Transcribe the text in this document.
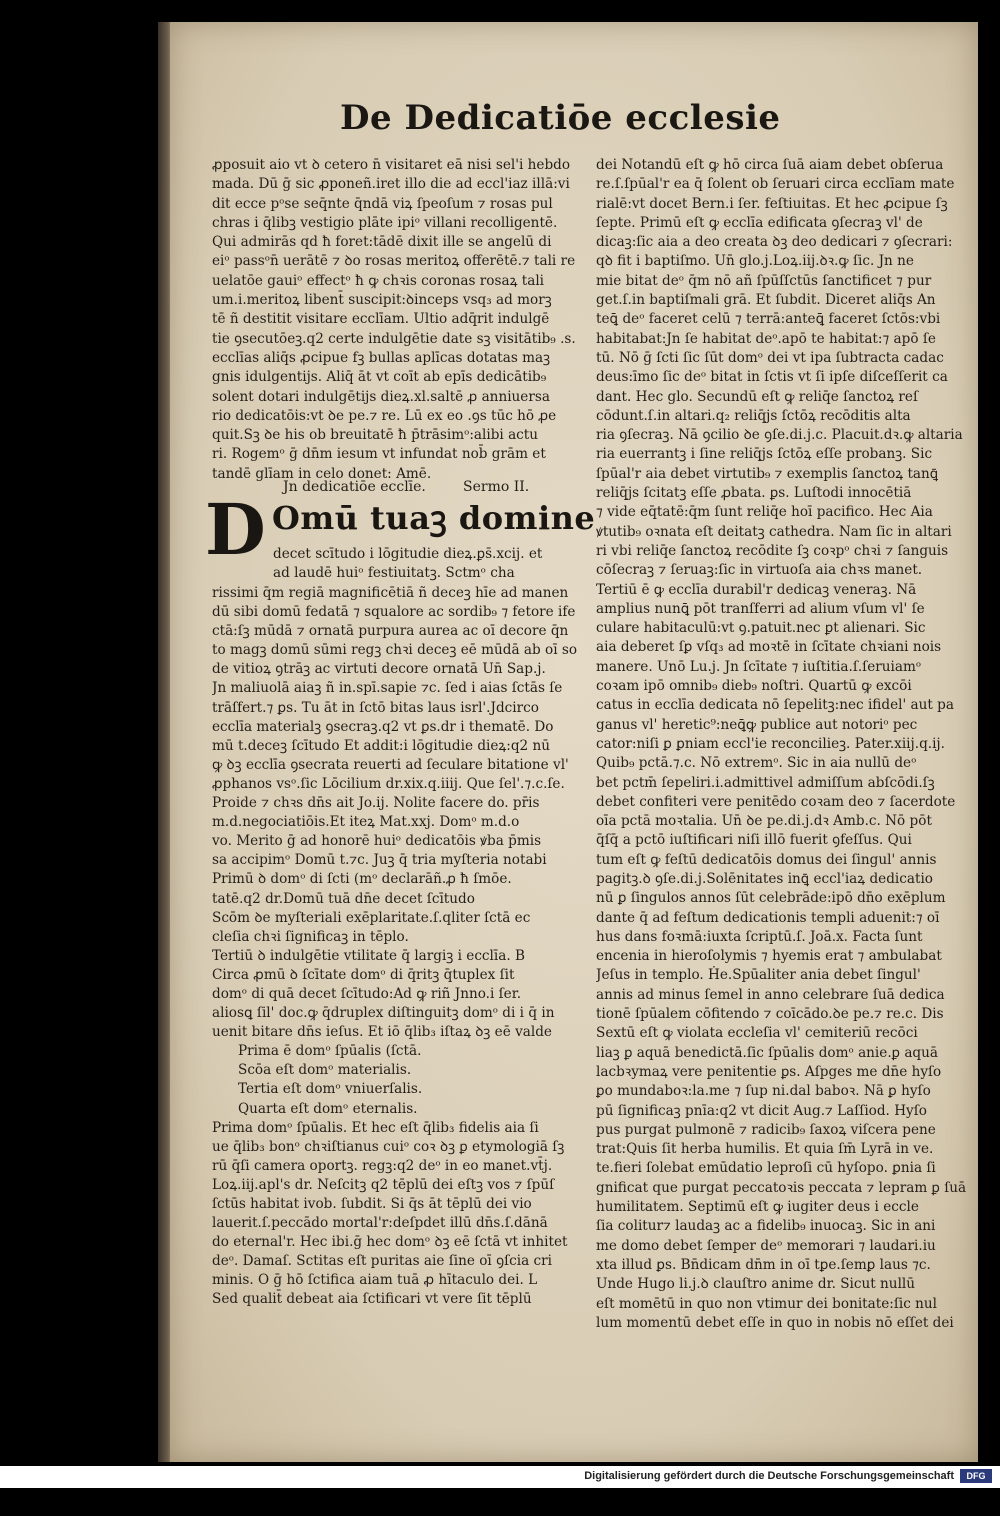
De Dedicatiōe ecclesie
ꝓposuit aio vt ꝺ cetero n̄ visitaret eā nisi sel'i hebdo
mada. Dū ḡ sic ꝓponeñ.iret illo die ad eccl'iaz illā:vi
dit ecce pᵒse seq̄nte q̄ndā viꝝ ſpeoſum ⁊ rosas pul
chras i q̄libꝫ vestigio plāte ipiᵒ villani recolligentē.
Qui admirās qd ħ foret:tādē dixit ille se angelū di
eiᵒ passᵒn̄ uerātē ⁊ ꝺo rosas meritoꝝ offerētē.⁊ tali re
uelatōe gauiᵒ effectᵒ ħ ꝙ chꝛis coronas rosaꝝ tali
um.i.meritoꝝ libent̄ suscipit:ꝺinceps vsq₃ ad morꝫ
tē ñ destitit visitare ecclīam. Ultio adq̄rit indulgē
tie ꝯsecutōeꝫ.q2 certe indulgētie date sꝫ visitātib₉ .s.
ecclīas aliq̄s ꝓcipue fꝫ bullas aplīcas dotatas maꝫ
gnis idulgentijs. Aliq̄ āt vt coīt ab epīs dedicātib₉
solent dotari indulgētijs dieꝝ.xl.saltē ꝓ anniuersa
rio dedicatōis:vt ꝺe pe.⁊ re. Lū ex eo .ꝯs tūc hō ꝓe
quit.Sꝫ ꝺe his ob breuitatē ħ p̄trāsimᵒ:alibi actu
ri. Rogemᵒ ḡ dn̄m iesum vt infundat nob̄ grām et
tandē glīam in celo donet: Amē.
Jn dedicatiōe ecclīe.	Sermo II.
D Omū tuaꝫ domine
decet scītudo i lōgitudie dieꝝ.ꝑs̄.xcij. et
ad laudē huiᵒ festiuitatꝫ. Sctmᵒ cha
dei Notandū eſt ꝙ hō circa ſuā aiam debet obſerua
re.ſ.ſpūal'r ea q̄ ſolent ob ſeruari circa ecclīam mate
rialē:vt docet Bern.i ſer. feſtiuitas. Et hec ꝓcipue ſꝫ
ſepte. Primū eſt ꝙ ecclīa edificata ꝯſecraꝫ vl' de
dicaꝫ:ſic aia a deo creata ꝺꝫ deo dedicari ⁊ ꝯſecrari:
qꝺ fit i baptiſmo. Un̄ glo.j.Loꝝ.iij.ꝺꝛ.ꝙ ſic. Jn ne
mie bitat deᵒ q̄m nō añ ſpūſſctūs ſanctificet ⁊ pur
get.ſ.in baptiſmali grā. Et ſubdit. Diceret aliq̄s An
teꝗ̄ deᵒ faceret celū ⁊ terrā:anteꝗ̄ faceret ſctōs:vbi
habitabat:Jn ſe habitat deᵒ.apō te habitat:⁊ apō ſe
tū. Nō ḡ ſcti ſic ſūt domᵒ dei vt ipa ſubtracta cadac
deus:īmo ſic deᵒ bitat in ſctis vt ſi ipſe diſceſſerit ca
dant. Hec glo. Secundū eſt ꝙ reliq̄e ſanctoꝝ reſ
cōdunt.ſ.in altari.q₂ reliq̄js ſctōꝝ recōditis alta
ria ꝯſecraꝫ. Nā ꝯcilio ꝺe ꝯſe.di.j.c. Placuit.dꝛ.ꝙ altaria
ria euerrantꝫ i ſine reliq̄js ſctōꝝ eſſe probanꝫ. Sic
ſpūal'r aia debet virtutib₉ ⁊ exemplis ſanctoꝝ tanꝗ̄
reliq̄js ſcitatꝫ eſſe ꝓbata. ꝑs. Luſtodi innocētiā
⁊ vide eq̄tatē:q̄m ſunt reliq̄e hoī pacifico. Hec Aia
ꝟtutib₉ oꝛnata eſt deitatꝫ cathedra. Nam ſic in altari
ri vbi reliq̄e ſanctoꝝ recōdite ſꝫ coꝛpᵒ chꝛi ⁊ ſanguis
cōſecraꝫ ⁊ ſeruaꝫ:ſic in virtuoſa aia chꝛs manet.
Tertiū ē ꝙ ecclīa durabil'r dedicaꝫ veneraꝫ. Nā
amplius nunꝗ̄ pōt tranſferri ad alium vſum vl' ſe
culare habitaculū:vt ꝯ.patuit.nec ꝑt alienari. Sic
aia deberet ſꝑ vſq₃ ad moꝛtē in ſcītate chꝛiani nois
manere. Unō Lu.j. Jn ſcītate ⁊ iuſtitia.ſ.ſeruiamᵒ
coꝛam ipō omnib₉ dieb₉ noſtri. Quartū ꝙ excōi
catus in ecclīa dedicata nō ſepelitꝫ:nec ifidel' aut pa
ganus vl' heretic⁹:neꝗ̄ꝙ publice aut notoriᵒ pec
cator:niſi ꝑ ꝑniam eccl'ie reconcilieꝫ. Pater.xiij.q.ij.
Quib₉ pctā.⁊.c. Nō extremᵒ. Sic in aia nullū deᵒ
bet pctm̄ ſepeliri.i.admittivel admiſſum abſcōdi.ſꝫ
debet confiteri vere penitēdo coꝛam deo ⁊ ſacerdote
oīa pctā moꝛtalia. Un̄ ꝺe pe.di.j.dꝛ Amb.c. Nō pōt
q̄ſq̄ a pctō iuſtificari niſi illō fuerit ꝯfeſſus. Qui
tum eſt ꝙ feſtū dedicatōis domus dei ſingul' annis
pagitꝫ.ꝺ ꝯſe.di.j.Solēnitates inꝗ̄ eccl'iaꝝ dedicatio
nū ꝑ ſingulos annos ſūt celebrāde:ipō dn̄o exēplum
dante q̄ ad feſtum dedicationis templi aduenit:⁊ oī
hus dans foꝛmā:iuxta ſcriptū.ſ. Joā.x. Facta ſunt
encenia in hieroſolymis ⁊ hyemis erat ⁊ ambulabat
Jeſus in templo. Ḣe.Spūaliter ania debet ſingul'
annis ad minus ſemel in anno celebrare ſuā dedica
tionē ſpūalem cōfitendo ⁊ coīcādo.ꝺe pe.⁊ re.c. Dis
Sextū eſt ꝙ violata eccleſia vl' cemiteriū recōci
liaꝫ ꝑ aquā benedictā.ſic ſpūalis domᵒ anie.ꝑ aquā
lacbꝛymaꝝ vere penitentie ꝑs. Aſpges me dn̄e hyſo
ꝑo mundaboꝛ:la.me ⁊ ſup ni.dal baboꝛ. Nā ꝑ hyſo
pū ſignificaꝫ pnīa:q2 vt dicit Aug.⁊ Laſſiod. Hyſo
pus purgat pulmonē ⁊ radicib₉ ſaxoꝝ viſcera pene
trat:Quis ſit herba humilis. Et quia ſm̄ Lyrā in ve.
te.fieri ſolebat emūdatio leproſi cū hyſopo. ꝑnia ſi
gnificat que purgat peccatoꝛis peccata ⁊ lepram ꝑ ſuā
humilitatem. Septimū eſt ꝙ iugiter deus i eccle
ſia colitur⁊ laudaꝫ ac a fidelib₉ inuocaꝫ. Sic in ani
me domo debet ſemper deᵒ memorari ⁊ laudari.iu
xta illud ꝑs. Bn̄dicam dn̄m in oī tꝑe.ſemꝑ laus ⁊c.
Unde Hugo li.j.ꝺ clauſtro anime dr. Sicut nullū
eſt momētū in quo non vtimur dei bonitate:ſic nul
lum momentū debet eſſe in quo in nobis nō eſſet dei
Digitalisierung gefördert durch die Deutsche Forschungsgemeinschaft	DFG
rissimi q̄m regiā magnificētiā ñ deceꝫ hīe ad manen
dū sibi domū fedatā ⁊ squalore ac sordib₉ ⁊ fetore ife
ctā:ſꝫ mūdā ⁊ ornatā purpura aurea ac oī decore q̄n
to magꝫ domū sūmi regꝫ chꝛi deceꝫ eē mūdā ab oī so
de vitioꝝ ꝯtrāꝫ ac virtuti decore ornatā Un̄ Sap.j.
Jn maliuolā aiaꝫ ñ in.spī.sapie ⁊c. ſed i aias ſctās ſe
trāſfert.⁊ ꝑs. Tu āt in ſctō bitas laus isrl'.Jdcirco
ecclīa materialꝫ ꝯsecraꝫ.q2 vt ꝑs.dr i thematē. Do
mū t.deceꝫ ſcītudo Et addit:i lōgitudie dieꝝ:q2 nū
ꝙ ꝺꝫ ecclīa ꝯsecrata reuerti ad ſeculare bitatione vl'
ꝓphanos vsᵒ.ſic Lōcilium dr.xix.q.iiij. Que ſel'.⁊.c.ſe.
Proide ⁊ chꝛs dn̄s ait Jo.ij. Nolite facere do. pr̄is
m.d.negociatiōis.Et iteꝝ Mat.xxj. Domᵒ m.d.o
vo. Merito ḡ ad honorē huiᵒ dedicatōis ꝟba p̄mis
sa accipimᵒ Domū t.⁊c. Juꝫ q̄ tria myſteria notabi
Primū ꝺ domᵒ di ſcti (mᵒ declarāñ.ꝓ ħ ſmōe.
tatē.q2 dr.Domū tuā dn̄e decet ſcītudo
Scōm ꝺe myſteriali exēplaritate.ſ.qliter ſctā ec
cleſia chꝛi ſignificaꝫ in tēplo.
Tertiū ꝺ indulgētie vtilitate q̄ largiꝫ i ecclīa. B
Circa ꝓmū ꝺ ſcītate domᵒ di q̄ritꝫ q̄tuplex ſit
domᵒ di quā decet ſcītudo:Ad ꝙ riñ Jnno.i ſer.
aliosꝗ ſil' doc.ꝙ q̄druplex diſtinguitꝫ domᵒ di i q̄ in
uenit bitare dn̄s ieſus. Et iō q̄lib₃ iſtaꝝ ꝺꝫ eē valde
Prima ē domᵒ ſpūalis (ſctā.
Scōa eſt domᵒ materialis.
Tertia eſt domᵒ vniuerſalis.
Quarta eſt domᵒ eternalis.
Prima domᵒ ſpūalis. Et hec eſt q̄lib₃ fidelis aia ſi
ue q̄lib₃ bonᵒ chꝛiſtianus cuiᵒ coꝛ ꝺꝫ ꝑ etymologiā ſꝫ
rū q̄ſi camera oportꝫ. regꝫ:q2 deᵒ in eo manet.vt̄j.
Loꝝ.iij.apl's dr. Neſcitꝫ q2 tēplū dei eſtꝫ vos ⁊ ſpūſ
ſctūs habitat ivob. ſubdit. Si q̄s āt tēplū dei vio
lauerit.ſ.peccādo mortal'r:deſpdet illū dn̄s.ſ.dānā
do eternal'r. Hec ibi.ḡ hec domᵒ ꝺꝫ eē ſctā vt inhitet
deᵒ. Damaſ. Sctitas eſt puritas aie ſine oī ꝯſcia cri
minis. O ḡ hō ſctifica aiam tuā ꝓ hītaculo dei. L
Sed qualit̄ debeat aia ſctificari vt vere ſit tēplū
